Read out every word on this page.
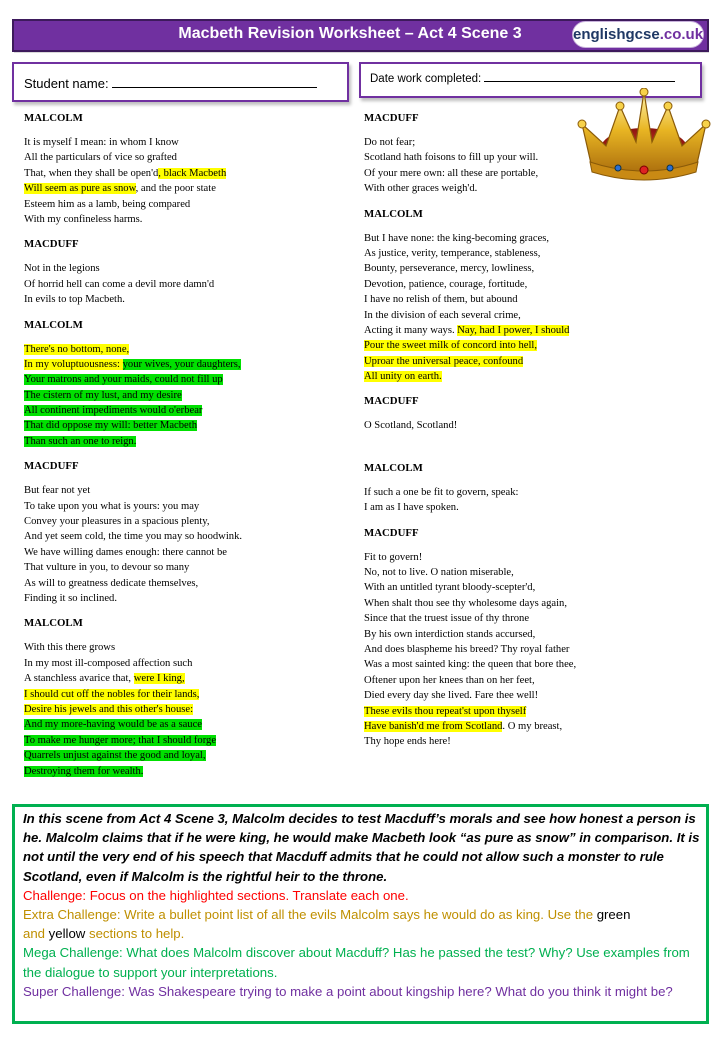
Macbeth Revision Worksheet – Act 4 Scene 3	englishgcse.co.uk
Student name:	Date work completed:
MALCOLM
It is myself I mean: in whom I know
All the particulars of vice so grafted
That, when they shall be open'd, black Macbeth
Will seem as pure as snow, and the poor state
Esteem him as a lamb, being compared
With my confineless harms.
MACDUFF
Not in the legions
Of horrid hell can come a devil more damn'd
In evils to top Macbeth.
MALCOLM
There's no bottom, none,
In my voluptuousness: your wives, your daughters,
Your matrons and your maids, could not fill up
The cistern of my lust, and my desire
All continent impediments would o'erbear
That did oppose my will: better Macbeth
Than such an one to reign.
MACDUFF
But fear not yet
To take upon you what is yours: you may
Convey your pleasures in a spacious plenty,
And yet seem cold, the time you may so hoodwink.
We have willing dames enough: there cannot be
That vulture in you, to devour so many
As will to greatness dedicate themselves,
Finding it so inclined.
MALCOLM
With this there grows
In my most ill-composed affection such
A stanchless avarice that, were I king,
I should cut off the nobles for their lands,
Desire his jewels and this other's house:
And my more-having would be as a sauce
To make me hunger more; that I should forge
Quarrels unjust against the good and loyal,
Destroying them for wealth.
MACDUFF
Do not fear;
Scotland hath foisons to fill up your will.
Of your mere own: all these are portable,
With other graces weigh'd.
MALCOLM
But I have none: the king-becoming graces,
As justice, verity, temperance, stableness,
Bounty, perseverance, mercy, lowliness,
Devotion, patience, courage, fortitude,
I have no relish of them, but abound
In the division of each several crime,
Acting it many ways. Nay, had I power, I should
Pour the sweet milk of concord into hell,
Uproar the universal peace, confound
All unity on earth.
MACDUFF
O Scotland, Scotland!
MALCOLM
If such a one be fit to govern, speak:
I am as I have spoken.
MACDUFF
Fit to govern!
No, not to live. O nation miserable,
With an untitled tyrant bloody-scepter'd,
When shalt thou see thy wholesome days again,
Since that the truest issue of thy throne
By his own interdiction stands accursed,
And does blaspheme his breed? Thy royal father
Was a most sainted king: the queen that bore thee,
Oftener upon her knees than on her feet,
Died every day she lived. Fare thee well!
These evils thou repeat'st upon thyself
Have banish'd me from Scotland. O my breast,
Thy hope ends here!
In this scene from Act 4 Scene 3, Malcolm decides to test Macduff’s morals and see how honest a person is he. Malcolm claims that if he were king, he would make Macbeth look “as pure as snow” in comparison. It is not until the very end of his speech that Macduff admits that he could not allow such a monster to rule Scotland, even if Malcolm is the rightful heir to the throne.
Challenge: Focus on the highlighted sections. Translate each one.
Extra Challenge: Write a bullet point list of all the evils Malcolm says he would do as king. Use the green
and yellow sections to help.
Mega Challenge: What does Malcolm discover about Macduff? Has he passed the test? Why? Use examples from the dialogue to support your interpretations.
Super Challenge: Was Shakespeare trying to make a point about kingship here? What do you think it might be?
